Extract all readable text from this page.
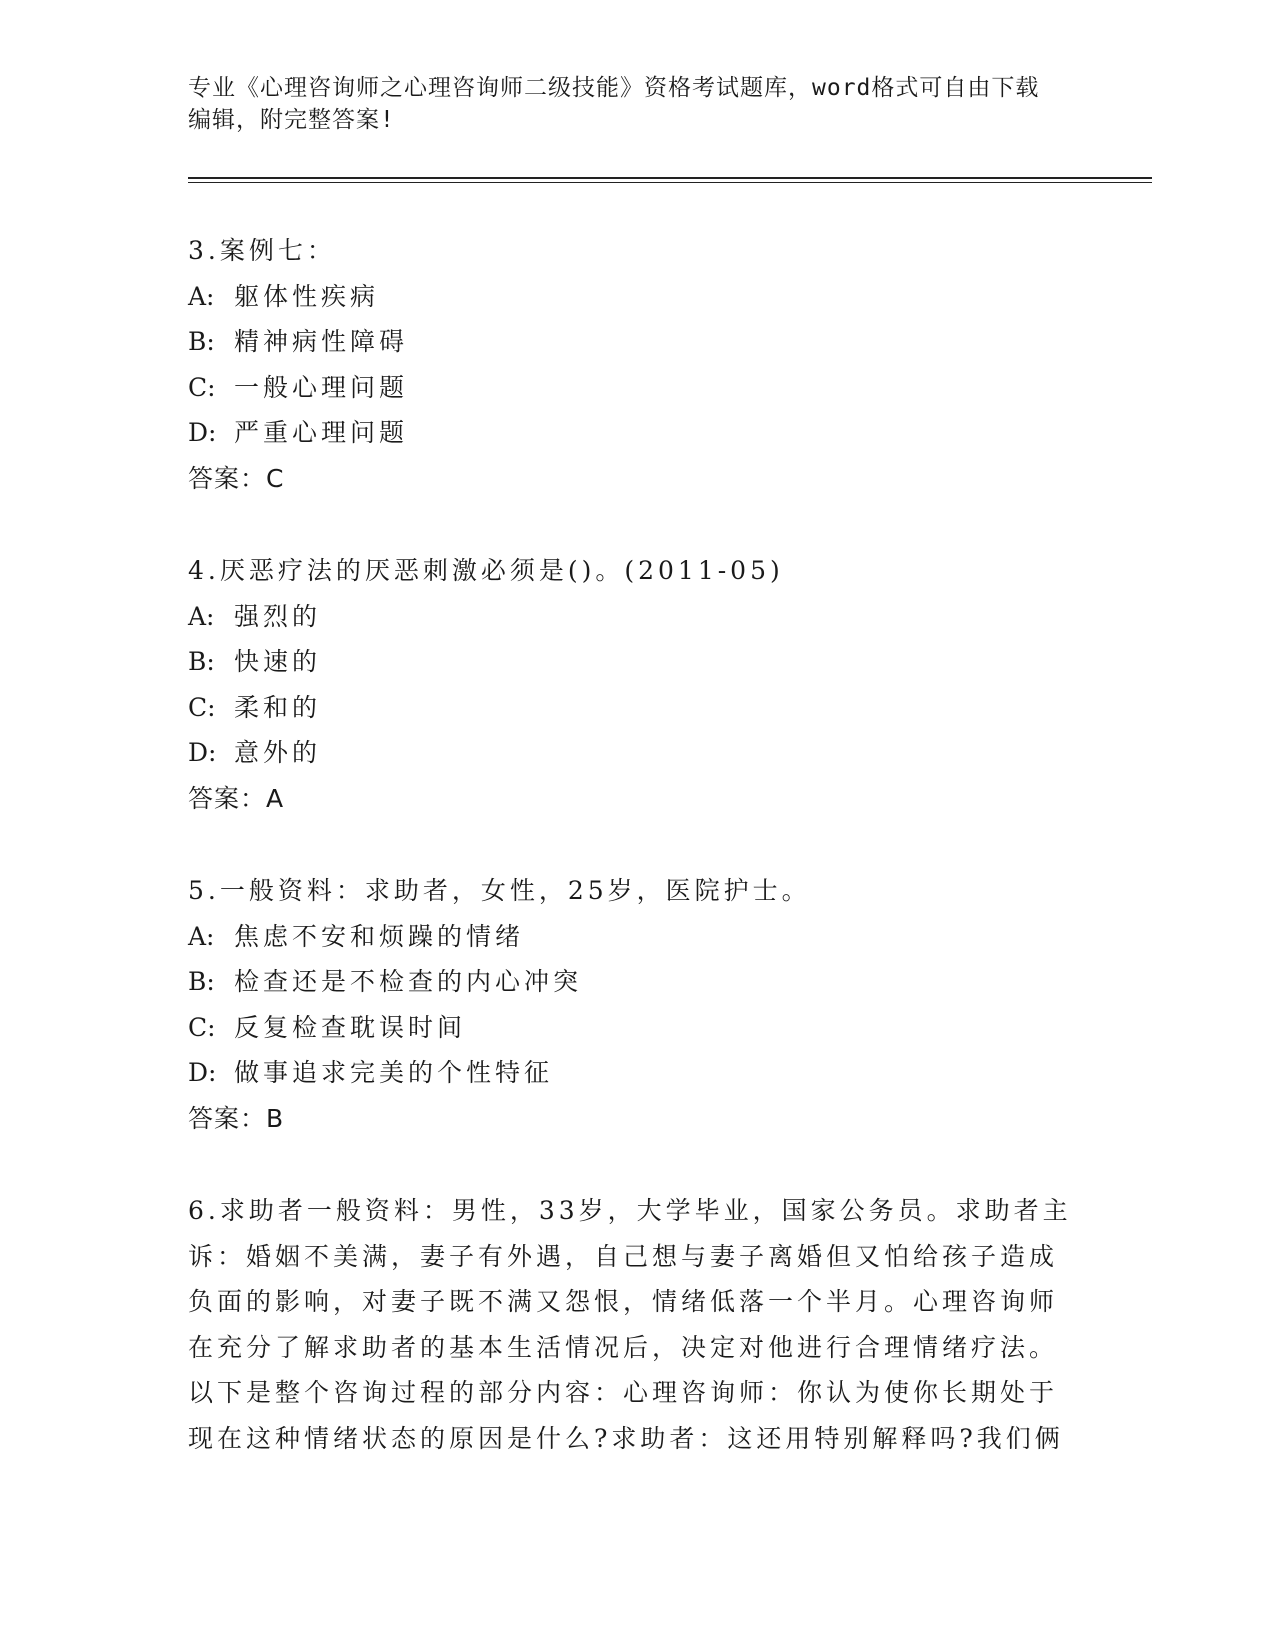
专业《心理咨询师之心理咨询师二级技能》资格考试题库，word格式可自由下载
编辑，附完整答案!
3.案例七：
A: 躯体性疾病
B: 精神病性障碍
C: 一般心理问题
D: 严重心理问题
答案：C
4.厌恶疗法的厌恶刺激必须是()。(2011-05)
A: 强烈的
B: 快速的
C: 柔和的
D: 意外的
答案：A
5.一般资料：求助者，女性，25岁，医院护士。
A: 焦虑不安和烦躁的情绪
B: 检查还是不检查的内心冲突
C: 反复检查耽误时间
D: 做事追求完美的个性特征
答案：B
6.求助者一般资料：男性，33岁，大学毕业，国家公务员。求助者主
诉：婚姻不美满，妻子有外遇，自己想与妻子离婚但又怕给孩子造成
负面的影响，对妻子既不满又怨恨，情绪低落一个半月。心理咨询师
在充分了解求助者的基本生活情况后，决定对他进行合理情绪疗法。
以下是整个咨询过程的部分内容：心理咨询师：你认为使你长期处于
现在这种情绪状态的原因是什么?求助者：这还用特别解释吗?我们俩
